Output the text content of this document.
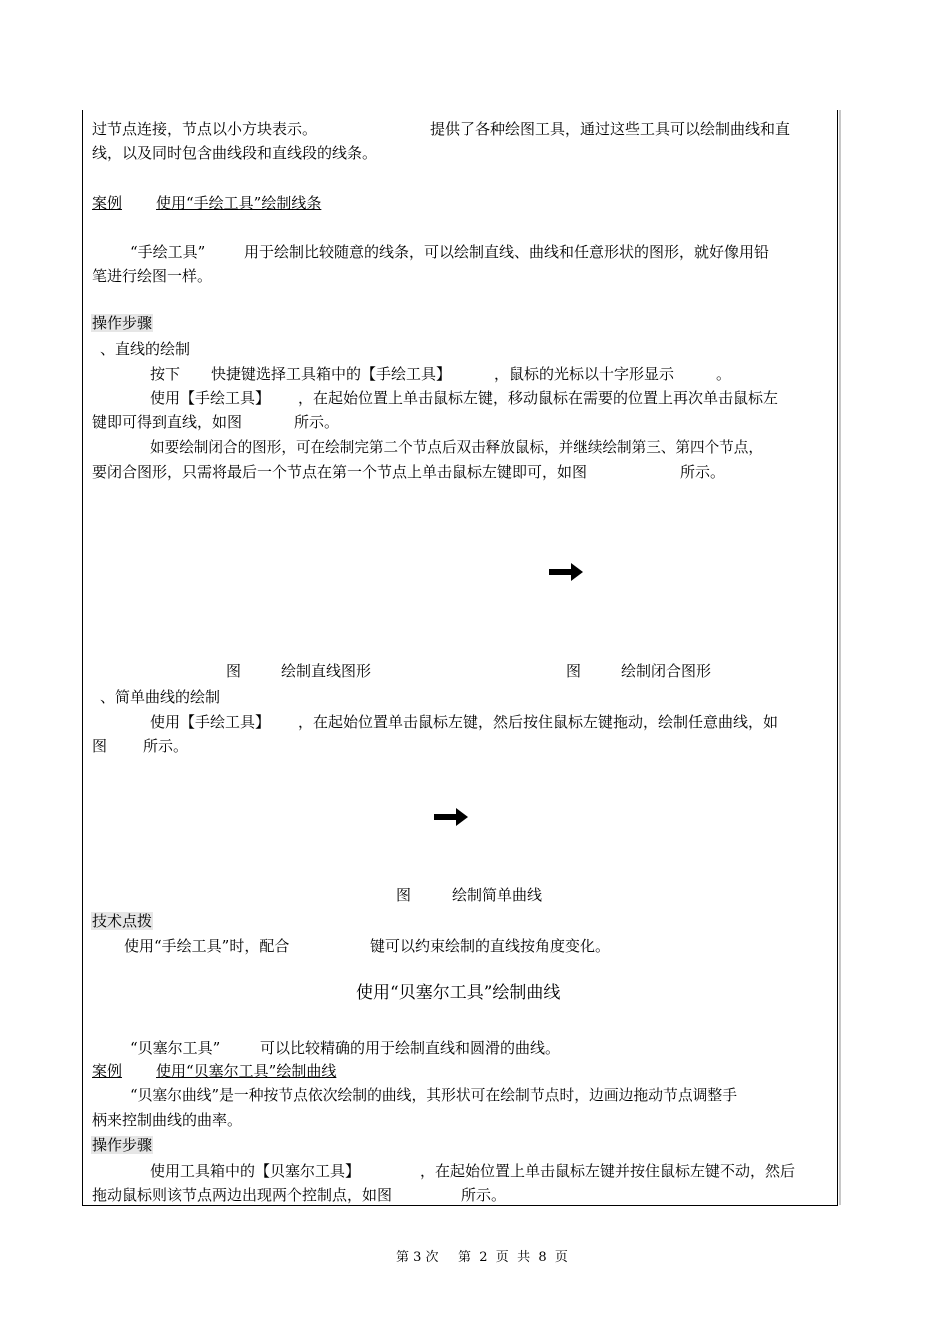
过节点连接，节点以小方块表示。	提供了各种绘图工具，通过这些工具可以绘制曲线和直
线，以及同时包含曲线段和直线段的线条。
案例 使用“手绘工具”绘制线条
“手绘工具”	用于绘制比较随意的线条，可以绘制直线、曲线和任意形状的图形，就好像用铅
笔进行绘图一样。
操作步骤
、直线的绘制
按下 快捷键选择工具箱中的【手绘工具】	，鼠标的光标以十字形显示	。
使用【手绘工具】 ，在起始位置上单击鼠标左键，移动鼠标在需要的位置上再次单击鼠标左
键即可得到直线，如图	所示。
如要绘制闭合的图形，可在绘制完第二个节点后双击释放鼠标，并继续绘制第三、第四个节点，
要闭合图形，只需将最后一个节点在第一个节点上单击鼠标左键即可，如图	所示。
图	绘制直线图形	图	绘制闭合图形
、简单曲线的绘制
使用【手绘工具】 ，在起始位置单击鼠标左键，然后按住鼠标左键拖动，绘制任意曲线，如
图 所示。
图	绘制简单曲线
技术点拨
使用“手绘工具”时，配合	键可以约束绘制的直线按角度变化。
使用“贝塞尔工具”绘制曲线
“贝塞尔工具”	可以比较精确的用于绘制直线和圆滑的曲线。
案例 使用“贝塞尔工具”绘制曲线
“贝塞尔曲线”是一种按节点依次绘制的曲线，其形状可在绘制节点时，边画边拖动节点调整手
柄来控制曲线的曲率。
操作步骤
使用工具箱中的【贝塞尔工具】	，在起始位置上单击鼠标左键并按住鼠标左键不动，然后
拖动鼠标则该节点两边出现两个控制点，如图	所示。
第 3 次 第  2  页  共  8  页
